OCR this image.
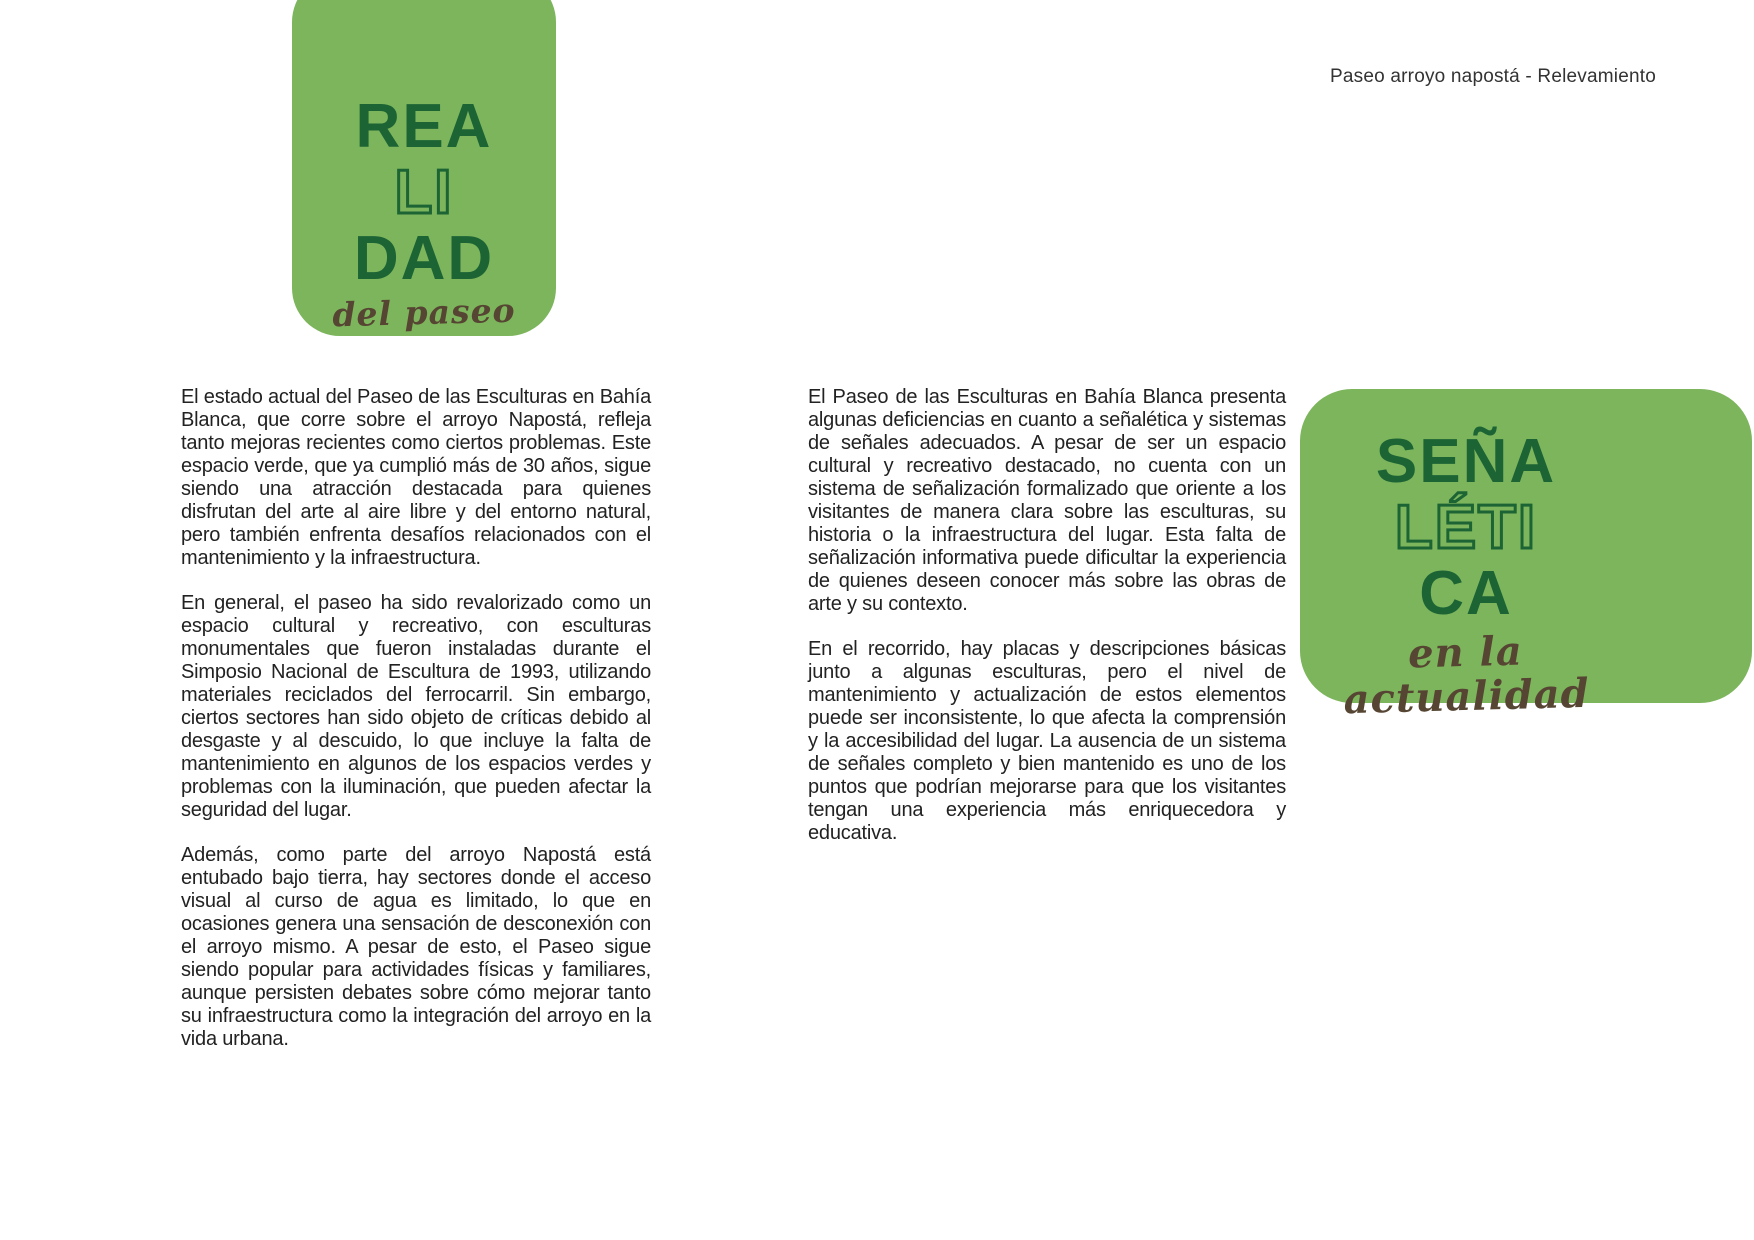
Paseo arroyo napostá - Relevamiento
REA
LI
DAD
del paseo
SEÑA
LÉTI
CA
en la actualidad

El estado actual del Paseo de las Esculturas en Bahía Blanca, que corre sobre el arroyo Napostá, refleja tanto mejoras recientes como ciertos problemas. Este espacio verde, que ya cumplió más de 30 años, sigue siendo una atracción destacada para quienes disfrutan del arte al aire libre y del entorno natural, pero también enfrenta desafíos relacionados con el mantenimiento y la infraestructura.

En general, el paseo ha sido revalorizado como un espacio cultural y recreativo, con esculturas monumentales que fueron instaladas durante el Simposio Nacional de Escultura de 1993, utilizando materiales reciclados del ferrocarril. Sin embargo, ciertos sectores han sido objeto de críticas debido al desgaste y al descuido, lo que incluye la falta de mantenimiento en algunos de los espacios verdes y problemas con la iluminación, que pueden afectar la seguridad del lugar.

Además, como parte del arroyo Napostá está entubado bajo tierra, hay sectores donde el acceso visual al curso de agua es limitado, lo que en ocasiones genera una sensación de desconexión con el arroyo mismo. A pesar de esto, el Paseo sigue siendo popular para actividades físicas y familiares, aunque persisten debates sobre cómo mejorar tanto su infraestructura como la integración del arroyo en la vida urbana.

El Paseo de las Esculturas en Bahía Blanca presenta algunas deficiencias en cuanto a señalética y sistemas de señales adecuados. A pesar de ser un espacio cultural y recreativo destacado, no cuenta con un sistema de señalización formalizado que oriente a los visitantes de manera clara sobre las esculturas, su historia o la infraestructura del lugar. Esta falta de señalización informativa puede dificultar la experiencia de quienes deseen conocer más sobre las obras de arte y su contexto.

En el recorrido, hay placas y descripciones básicas junto a algunas esculturas, pero el nivel de mantenimiento y actualización de estos elementos puede ser inconsistente, lo que afecta la comprensión y la accesibilidad del lugar. La ausencia de un sistema de señales completo y bien mantenido es uno de los puntos que podrían mejorarse para que los visitantes tengan una experiencia más enriquecedora y educativa.
